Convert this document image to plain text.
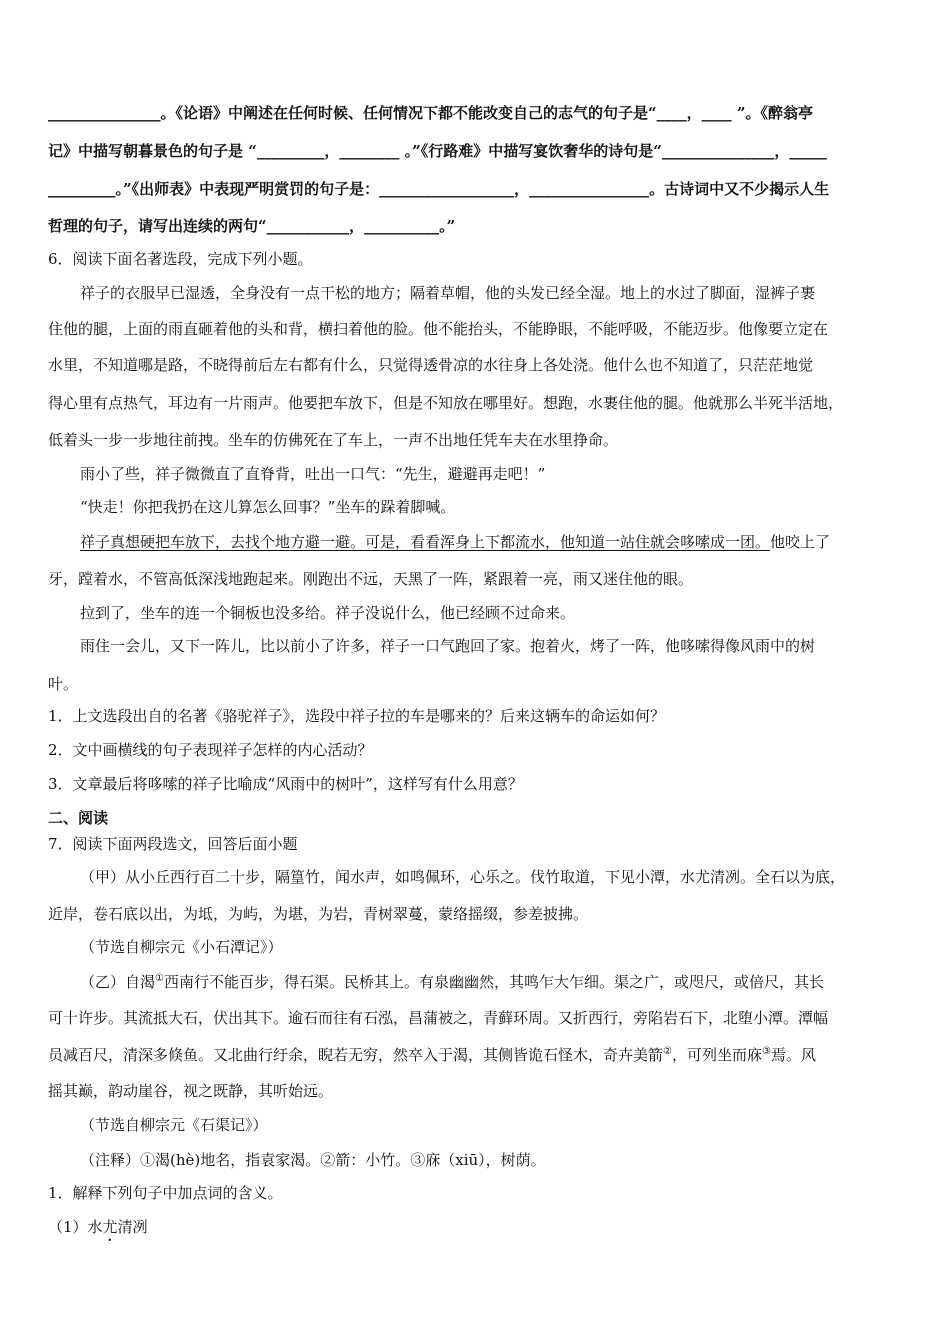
_______________。《论语》中阐述在任何时候、任何情况下都不能改变自己的志气的句子是“____，____ ”。《醉翁亭
记》中描写朝暮景色的句子是 “_________，________ 。”《行路难》中描写宴饮奢华的诗句是“_______________，_____
_________。”《出师表》中表现严明赏罚的句子是：__________________，________________。古诗词中又不少揭示人生
哲理的句子，请写出连续的两句“___________，__________。”
6．阅读下面名著选段，完成下列小题。
祥子的衣服早已湿透，全身没有一点干松的地方；隔着草帽，他的头发已经全湿。地上的水过了脚面，湿裤子裹
住他的腿，上面的雨直砸着他的头和背，横扫着他的脸。他不能抬头，不能睁眼，不能呼吸，不能迈步。他像要立定在
水里，不知道哪是路，不晓得前后左右都有什么，只觉得透骨凉的水往身上各处浇。他什么也不知道了，只茫茫地觉
得心里有点热气，耳边有一片雨声。他要把车放下，但是不知放在哪里好。想跑，水裹住他的腿。他就那么半死半活地，
低着头一步一步地往前拽。坐车的仿佛死在了车上，一声不出地任凭车夫在水里挣命。
雨小了些，祥子微微直了直脊背，吐出一口气：“先生，避避再走吧！”
“快走！你把我扔在这儿算怎么回事？”坐车的跺着脚喊。
祥子真想硬把车放下，去找个地方避一避。可是，看看浑身上下都流水，他知道一站住就会哆嗦成一团。他咬上了
牙，蹚着水，不管高低深浅地跑起来。刚跑出不远，天黑了一阵，紧跟着一亮，雨又迷住他的眼。
拉到了，坐车的连一个铜板也没多给。祥子没说什么，他已经顾不过命来。
雨住一会儿，又下一阵儿，比以前小了许多，祥子一口气跑回了家。抱着火，烤了一阵，他哆嗦得像风雨中的树
叶。
1．上文选段出自的名著《骆驼祥子》，选段中祥子拉的车是哪来的？后来这辆车的命运如何？
2．文中画横线的句子表现祥子怎样的内心活动？
3．文章最后将哆嗦的祥子比喻成“风雨中的树叶”，这样写有什么用意？
二、阅读
7．阅读下面两段选文，回答后面小题
（甲）从小丘西行百二十步，隔篁竹，闻水声，如鸣佩环，心乐之。伐竹取道，下见小潭，水尤清冽。全石以为底，
近岸，卷石底以出，为坻，为屿，为堪，为岩，青树翠蔓，蒙络摇缀，参差披拂。
（节选自柳宗元《小石潭记》）
（乙）自渴①西南行不能百步，得石渠。民桥其上。有泉幽幽然，其鸣乍大乍细。渠之广，或咫尺，或倍尺，其长
可十许步。其流抵大石，伏出其下。逾石而往有石泓，昌蒲被之，青藓环周。又折西行，旁陷岩石下，北堕小潭。潭幅
员减百尺，清深多倏鱼。又北曲行纡余，睨若无穷，然卒入于渴，其侧皆诡石怪木，奇卉美箭②，可列坐而庥③焉。风
摇其巅，韵动崖谷，视之既静，其听始远。
（节选自柳宗元《石渠记》）
（注释）①渴(hè)地名，指袁家渴。②箭：小竹。③庥（xiū），树荫。
1．解释下列句子中加点词的含义。
（1）水尤清冽
